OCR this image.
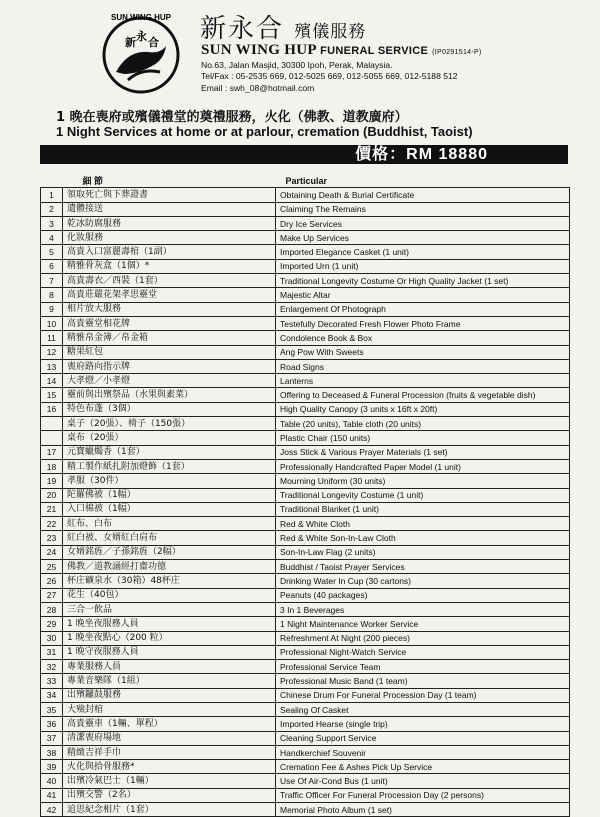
SUN WING HUP
新 永 合 新永合 殯儀服務
SUN WING HUP FUNERAL SERVICE (IP0291514-P)
No.63, Jalan Masjid, 30300 Ipoh, Perak, Malaysia.
Tel/Fax : 05-2535 669, 012-5025 669, 012-5055 669, 012-5188 512
Email : swh_08@hotmail.com
1 晚在喪府或殯儀禮堂的奠禮服務，火化（佛教、道教廣府）
1 Night Services at home or at parlour, cremation (Buddhist, Taoist)
價格：RM 18880
	細 節	Particular
1	領取死亡與下葬證書	Obtaining Death & Burial Certificate
2	遺體接送	Claiming The Remains
3	乾冰防腐服務	Dry Ice Services
4	化妝服務	Make Up Services
5	高貴入口富麗壽棺（1副）	Imported Elegance Casket (1 unit)
6	精雅骨灰盒（1個）*	Imported Urn (1 unit)
7	高貴壽衣／西裝（1套）	Traditional Longevity Costume Or High Quality Jacket (1 set)
8	高貴莊嚴花架孝思靈堂	Majestic Altar
9	相片放大服務	Enlargement Of Photograph
10	高貴靈堂相花牌	Testefully Decorated Fresh Flower Photo Frame
11	精雅帛金簿／帛金箱	Condolence Book & Box
12	糖果紅包	Ang Pow With Sweets
13	喪府路向指示牌	Road Signs
14	大孝燈／小孝燈	Lanterns
15	靈前與出殯祭品（水果與素菜）	Offering to Deceased & Funeral Procession (fruits & vegetable dish)
16	特色布蓬（3個）	High Quality Canopy (3 units x 16ft x 20ft)
	桌子（20張）、椅子（150張）	Table (20 units), Table cloth (20 units)
	桌布（20張）	Plastic Chair (150 units)
17	元寶蠟燭香（1套）	Joss Stick & Various Prayer Materials (1 set)
18	精工製作紙扎附加燈飾（1套）	Professionally Handcrafted Paper Model (1 unit)
19	孝服（30件）	Mourning Uniform (30 units)
20	陀羅佛被（1幅）	Traditional Longevity Costume (1 unit)
21	入口棉被（1幅）	Traditional Blanket (1 unit)
22	紅布、白布	Red & White Cloth
23	紅白被、女婿紅白肩布	Red & White Son-In-Law Cloth
24	女婿銘旌／子孫銘旌（2幅）	Son-In-Law Flag (2 units)
25	佛教／道教誦經打齋功德	Buddhist / Taoist Prayer Services
26	杯庄礦泉水（30箱）48杯庄	Drinking Water In Cup (30 cartons)
27	花生（40包）	Peanuts (40 packages)
28	三合一飲品	3 In 1 Beverages
29	1 晚坐夜服務人員	1 Night Maintenance Worker Service
30	1 晚坐夜點心（200 粒）	Refreshment At Night (200 pieces)
31	1 晚守夜服務人員	Professional Night-Watch Service
32	專業服務人員	Professional Service Team
33	專業音樂隊（1組）	Professional Music Band (1 team)
34	出殯鑼鼓服務	Chinese Drum For Funeral Procession Day (1 team)
35	大殮封棺	Sealing Of Casket
36	高貴靈車（1輛、單程）	Imported Hearse (single trip)
37	清潔喪府場地	Cleaning Support Service
38	精緻吉祥手巾	Handkerchief Souvenir
39	火化與拾骨服務*	Cremation Fee & Ashes Pick Up Service
40	出殯冷氣巴士（1輛）	Use Of Air-Cond Bus (1 unit)
41	出殯交警（2名）	Traffic Officer For Funeral Procession Day (2 persons)
42	追思紀念相片（1套）	Memorial Photo Album (1 set)
